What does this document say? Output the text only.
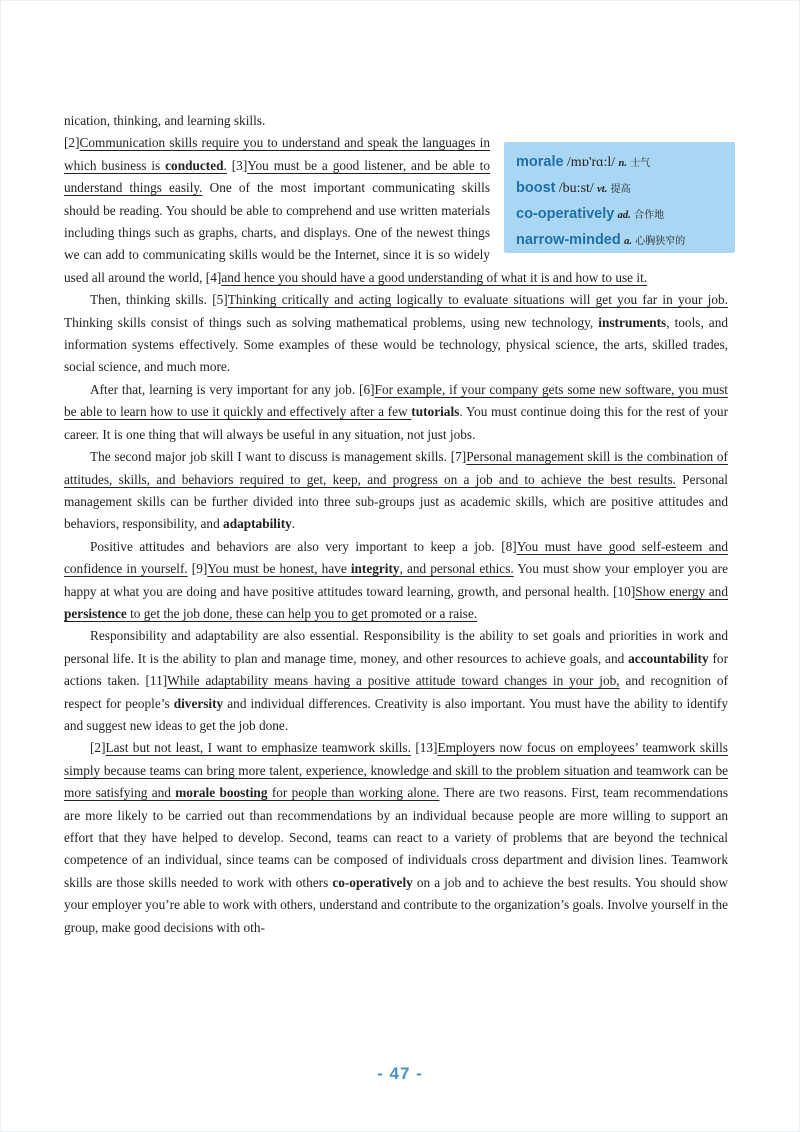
nication, thinking, and learning skills.

morale /mɒ'rɑ:l/ n. 士气
boost /bu:st/ vt. 提高
co-operatively ad. 合作地
narrow-minded a. 心胸狭窄的
[2]Communication skills require you to understand and speak the languages in which business is conducted. [3]You must be a good listener, and be able to understand things easily. One of the most important communicating skills should be reading. You should be able to comprehend and use written materials including things such as graphs, charts, and displays. One of the newest things we can add to communicating skills would be the Internet, since it is so widely used all around the world, [4]and hence you should have a good understanding of what it is and how to use it.

Then, thinking skills. [5]Thinking critically and acting logically to evaluate situations will get you far in your job. Thinking skills consist of things such as solving mathematical problems, using new technology, instruments, tools, and information systems effectively. Some examples of these would be technology, physical science, the arts, skilled trades, social science, and much more.

After that, learning is very important for any job. [6]For example, if your company gets some new software, you must be able to learn how to use it quickly and effectively after a few tutorials. You must continue doing this for the rest of your career. It is one thing that will always be useful in any situation, not just jobs.

The second major job skill I want to discuss is management skills. [7]Personal management skill is the combination of attitudes, skills, and behaviors required to get, keep, and progress on a job and to achieve the best results. Personal management skills can be further divided into three sub-groups just as academic skills, which are positive attitudes and behaviors, responsibility, and adaptability.

Positive attitudes and behaviors are also very important to keep a job. [8]You must have good self-esteem and confidence in yourself. [9]You must be honest, have integrity, and personal ethics. You must show your employer you are happy at what you are doing and have positive attitudes toward learning, growth, and personal health. [10]Show energy and persistence to get the job done, these can help you to get promoted or a raise.

Responsibility and adaptability are also essential. Responsibility is the ability to set goals and priorities in work and personal life. It is the ability to plan and manage time, money, and other resources to achieve goals, and accountability for actions taken. [11]While adaptability means having a positive attitude toward changes in your job, and recognition of respect for people’s diversity and individual differences. Creativity is also important. You must have the ability to identify and suggest new ideas to get the job done.

[2]Last but not least, I want to emphasize teamwork skills. [13]Employers now focus on employees’ teamwork skills simply because teams can bring more talent, experience, knowledge and skill to the problem situation and teamwork can be more satisfying and morale boosting for people than working alone. There are two reasons. First, team recommendations are more likely to be carried out than recommendations by an individual because people are more willing to support an effort that they have helped to develop. Second, teams can react to a variety of problems that are beyond the technical competence of an individual, since teams can be composed of individuals cross department and division lines. Teamwork skills are those skills needed to work with others co-operatively on a job and to achieve the best results. You should show your employer you’re able to work with others, understand and contribute to the organization’s goals. Involve yourself in the group, make good decisions with oth-

- 47 -
